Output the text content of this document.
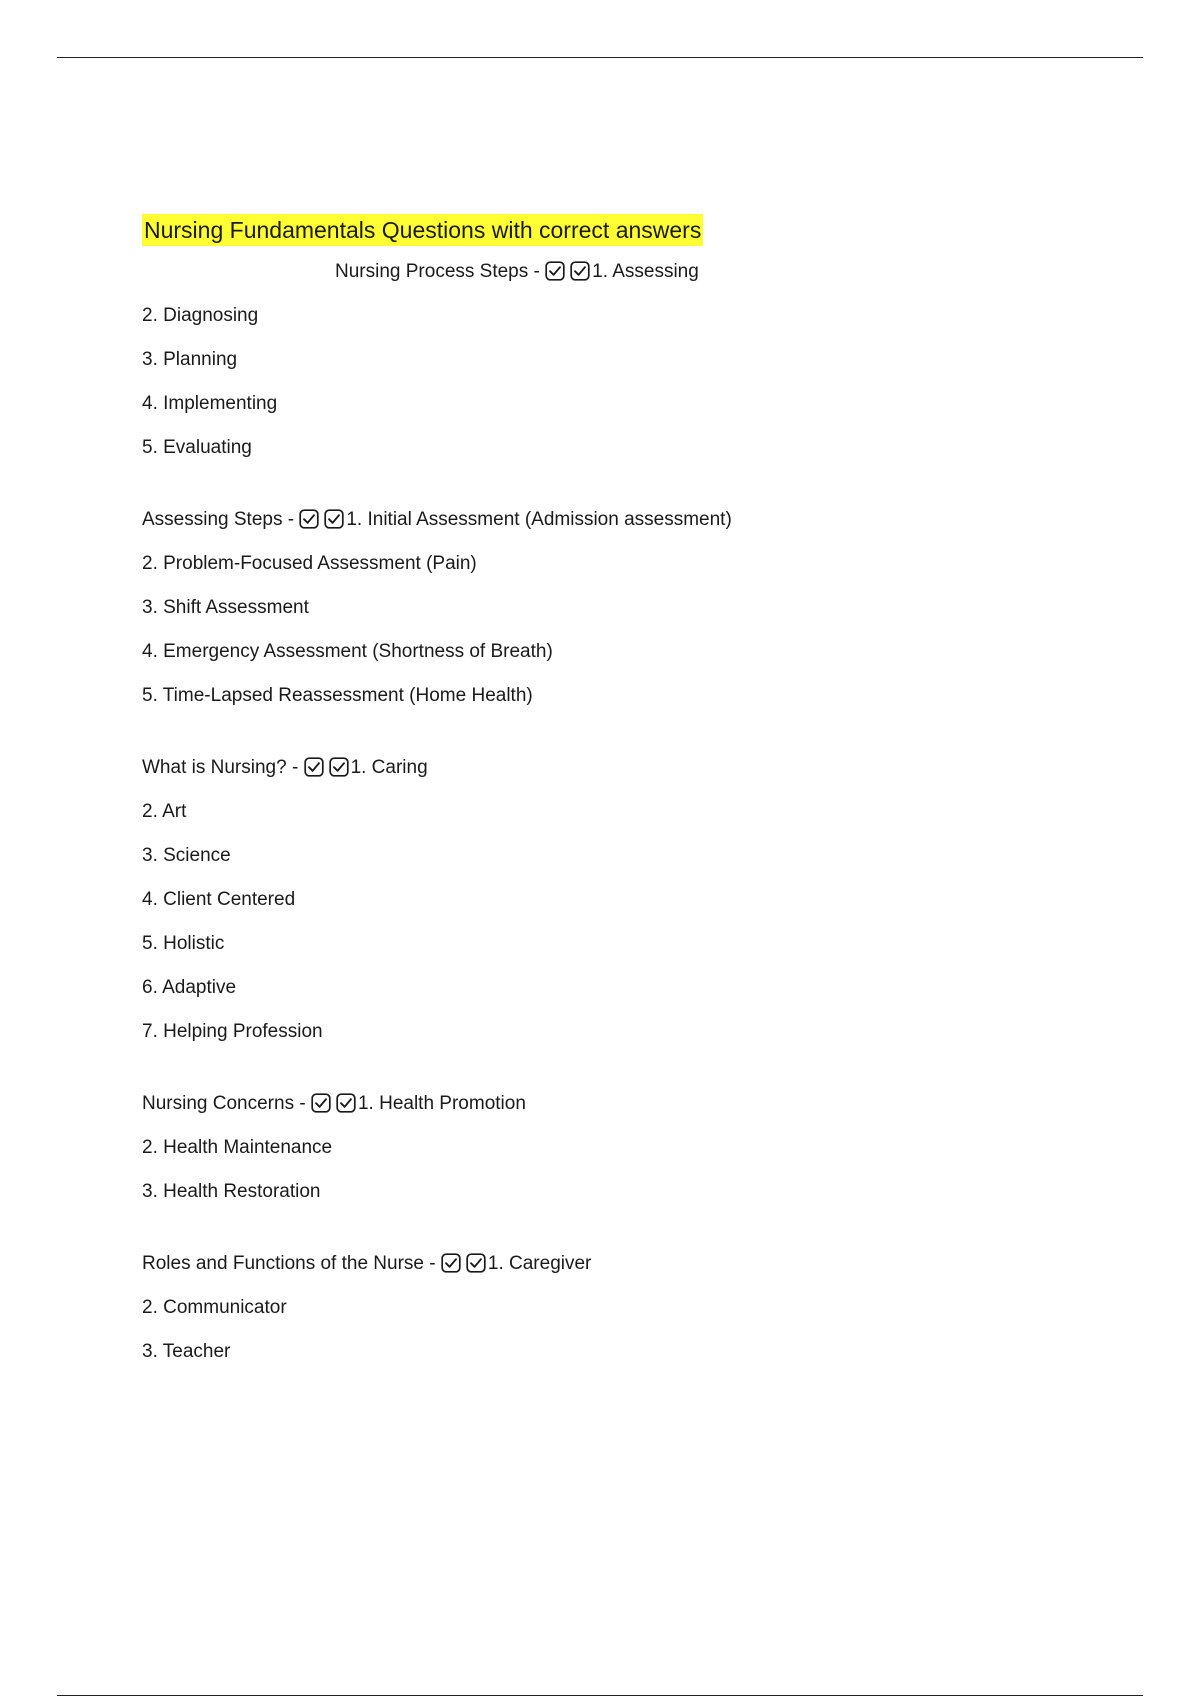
Nursing Fundamentals Questions with correct answers
Nursing Process Steps -
1. Assessing
2. Diagnosing
3. Planning
4. Implementing
5. Evaluating
Assessing Steps -
1. Initial Assessment (Admission assessment)
2. Problem-Focused Assessment (Pain)
3. Shift Assessment
4. Emergency Assessment (Shortness of Breath)
5. Time-Lapsed Reassessment (Home Health)
What is Nursing? -
1. Caring
2. Art
3. Science
4. Client Centered
5. Holistic
6. Adaptive
7. Helping Profession
Nursing Concerns -
1. Health Promotion
2. Health Maintenance
3. Health Restoration
Roles and Functions of the Nurse -
1. Caregiver
2. Communicator
3. Teacher
